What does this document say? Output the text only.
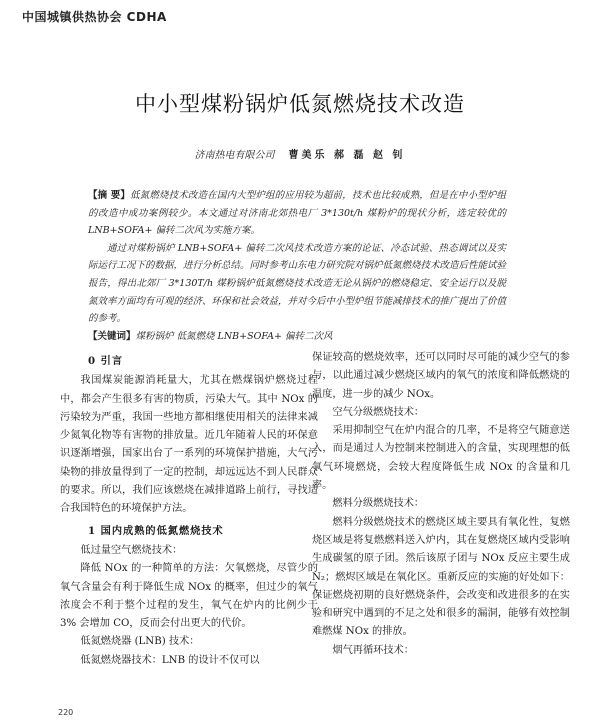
中国城镇供热协会 CDHA
中小型煤粉锅炉低氮燃烧技术改造
济南热电有限公司 曹美乐 郝 磊 赵 钊

【摘 要】低氮燃烧技术改造在国内大型炉组的应用较为超前，技术也比较成熟，但是在中小型炉组的改造中成功案例较少。本文通过对济南北郊热电厂 3*130t/h 煤粉炉的现状分析，选定较优的 LNB+SOFA+ 偏转二次风为实施方案。

通过对煤粉锅炉 LNB+SOFA+ 偏转二次风技术改造方案的论证、冷态试验、热态调试以及实际运行工况下的数据，进行分析总结。同时参考山东电力研究院对锅炉低氮燃烧技术改造后性能试验报告，得出北郊厂 3*130T/h 煤粉锅炉低氮燃烧技术改造无论从锅炉的燃烧稳定、安全运行以及脱氮效率方面均有可观的经济、环保和社会效益，并对今后中小型炉组节能减排技术的推广提出了价值的参考。

【关键词】煤粉锅炉 低氮燃烧 LNB+SOFA+ 偏转二次风

0 引言

我国煤炭能源消耗量大，尤其在燃煤锅炉燃烧过程中，都会产生很多有害的物质，污染大气。其中 NOx 的污染较为严重，我国一些地方都相继使用相关的法律来减少氮氧化物等有害物的排放量。近几年随着人民的环保意识逐渐增强，国家出台了一系列的环境保护措施，大气污染物的排放量得到了一定的控制，却远远达不到人民群众的要求。所以，我们应该燃烧在减排道路上前行，寻找适合我国特色的环境保护方法。

1 国内成熟的低氮燃烧技术

低过量空气燃烧技术：

降低 NOx 的一种简单的方法：欠氧燃烧，尽管少的氧气含量会有利于降低生成 NOx 的概率，但过少的氧气浓度会不利于整个过程的发生，氧气在炉内的比例少于 3% 会增加 CO，反而会付出更大的代价。

低氮燃烧器 (LNB) 技术：

低氮燃烧器技术：LNB 的设计不仅可以

保证较高的燃烧效率，还可以同时尽可能的减少空气的参与，以此通过减少燃烧区域内的氧气的浓度和降低燃烧的温度，进一步的减少 NOx。

空气分级燃烧技术：

采用抑制空气在炉内混合的几率，不是将空气随意送入，而是通过人为控制来控制进入的含量，实现理想的低氧气环境燃烧，会较大程度降低生成 NOx 的含量和几率。

燃料分级燃烧技术：

燃料分级燃烧技术的燃烧区域主要具有氧化性，复燃烧区域是将复燃燃料送入炉内，其在复燃烧区域内受影响生成碳氢的原子团。然后该原子团与 NOx 反应主要生成 N₂；燃烬区域是在氧化区。重新反应的实施的好处如下：保证燃烧初期的良好燃烧条件，会改变和改进很多的在实验和研究中遇到的不足之处和很多的漏洞，能够有效控制难燃煤 NOx 的排放。

烟气再循环技术：

220
